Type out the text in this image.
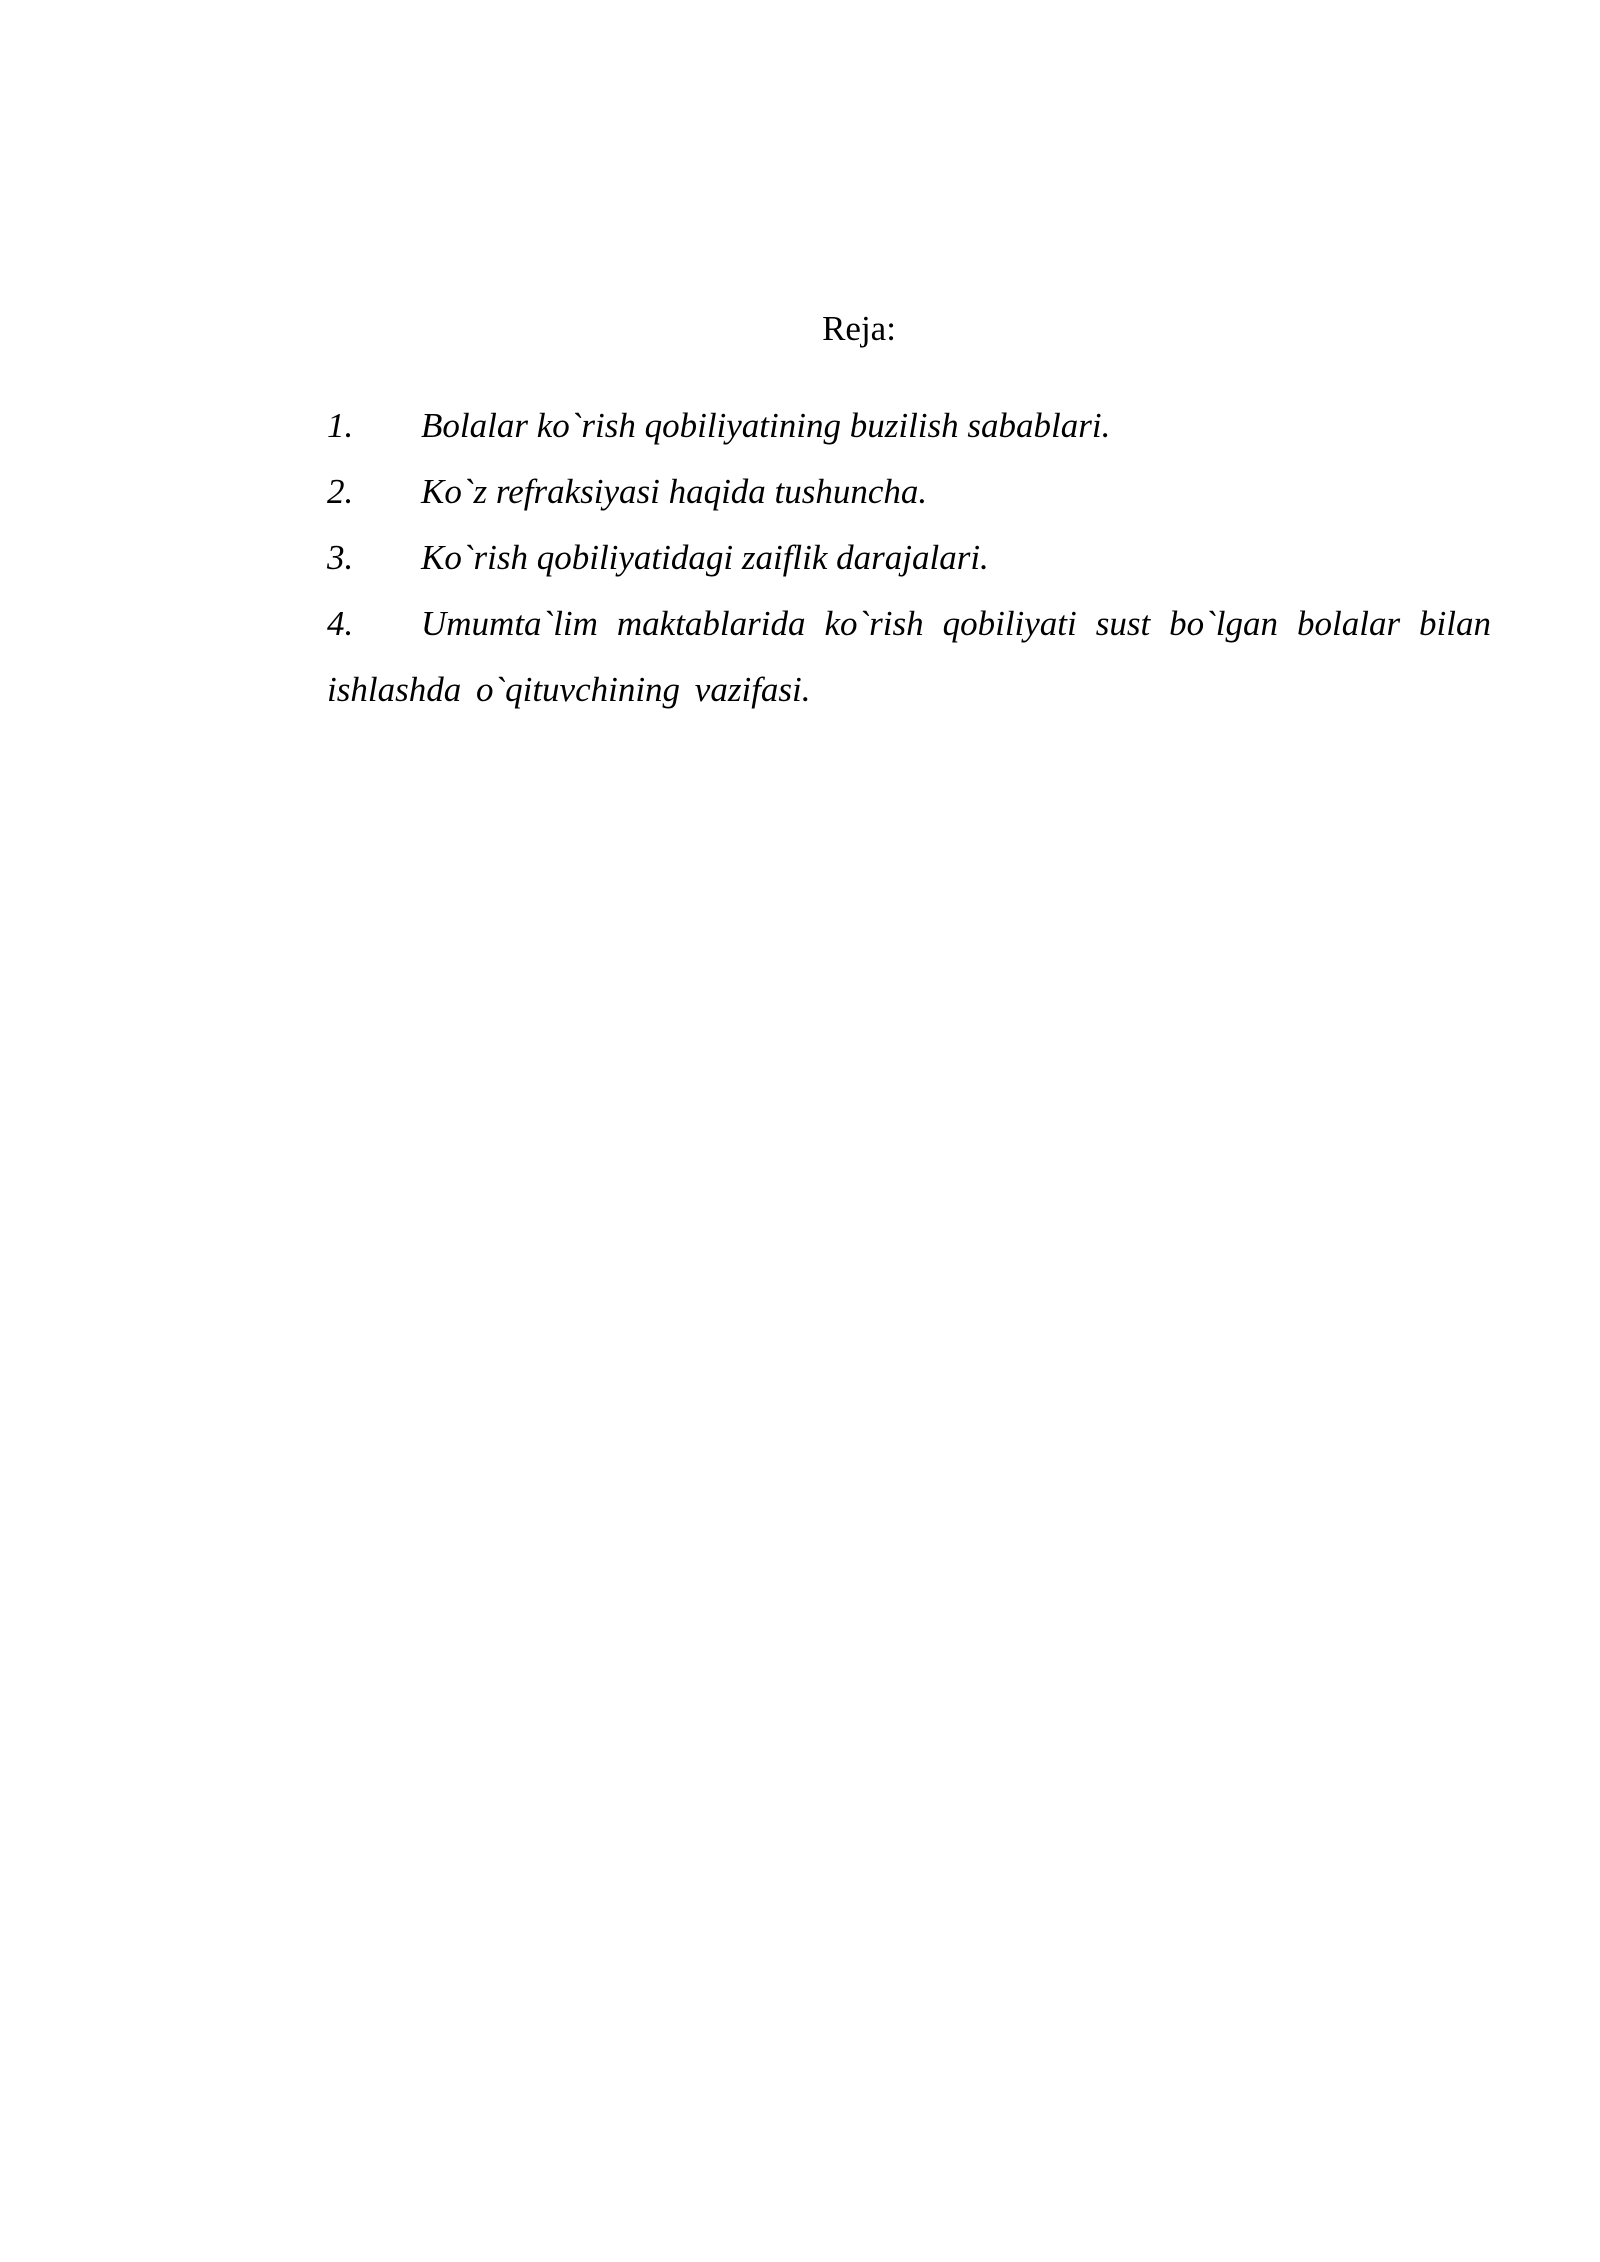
Reja:
1. Bolalar ko`rish qobiliyatining buzilish sabablari.
2. Ko`z refraksiyasi haqida tushuncha.
3. Ko`rish qobiliyatidagi zaiflik darajalari.
4. Umumta`lim maktablarida ko`rish qobiliyati sust bo`lgan bolalar bilan ishlashda o`qituvchining vazifasi.
